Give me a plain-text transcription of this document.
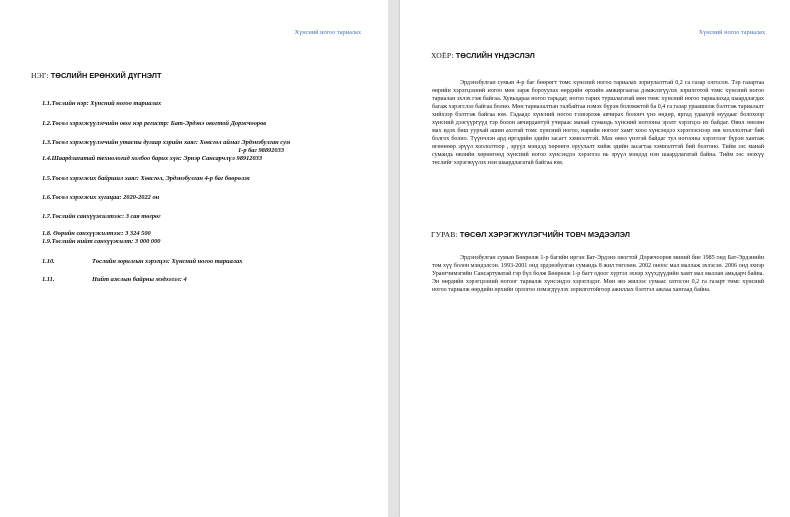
Хүнсний ногоо тариалах
НЭГ: ТӨСЛИЙН ЕРӨНХИЙ ДҮГНЭЛТ
1.1.Төслийн нэр: Хүнсний ногоо тариалах
1.2.Төсөл хэрэгжүүлэгчийн овог нэр регистр: Бат-Эрдэнэ овогтой Доржчоорөв
1.3.Төсөл хэрэгжүүлэгчийн утасны дугаар хэрийн хаяг: Хөвсгөл аймаг Эрдэнэбулган сум
1-р баг 98892033
1.4.Шаардлагатай технологид холбоо барих хүн: Эрнэр Сансарчлүл 98912033
1.5.Төсөл хэрэгжих байршил хаяг: Хөвсгөл, Эрдэнэбулган 4-р баг бөөрөлж
1.6.Төсөл хэрэгжих хугацаа: 2020-2022 он
1.7.Төслийн санхүүжилтээс: 3 сая төгрөг
1.8. Өөрийн санхүүжилтээс: 3 324 500
1.9.Төслийн нийт санхүүжилт: 3 000 000
1.10.	Төслийн зорилгын хэрэгцээ: Хүнсний ногоо тариалах
1.11.	Нийт ажлын байрны мэдээлэл: 4
Хүнсний ногоо тариалах
ХОЁР: ТӨСЛИЙН ҮНДЭСЛЭЛ
Эрдэнэбулган сумын 4-р баг бөөрөгт томс хүнсний ногоо тариалах зориулалттай 0,2 га газар олгосон. Тэр газартаа өөрийн хэрэгцээний ногоо мөн зарж борлуулах өөрдийн өрхийн амжиргаагаа дэмжлэгүүлэх зорилготой томс хүнсний ногоо тариалан эхлэх гэж байгаа. Хувьцараа ногоо тарьдаг, ногоо тарих туршлагатай мөн төмс хүнсний ногоо тариалахад шаардлагдах багаж хэрэгслэл байгаа болно. Мөн тариалалтын талбайтаа нэмэх бүрэн боломжтой ба 0,4 га газар ураашилж бэлтгэж тариалалт хийхээр бэлтгэж байгаа юм. Гадаадс хүнсний ногоо тээвэрлэж авчирах болонч үнэ өндөр, яргад удаахуй муудааг болохоор хүнсний дээгүүргүүд тэр болон авчирдантуй учираас манай сумандь хүнсний ногооны эрэлт хэрэгцээ их байдаг. Өвөл зөөлөн мах идэх биш уурхай ашин ахлтай томс хүнсний ногоо, нарийн ногоог хамт хоол хүнсэндээ хэрэглэснээр зөв хооллолтыг бий болгох болно. Түүнчлэн ард иргэдийн эдийн засагт хэмнэлттэй. Мах өвөл үнэтэй байдаг тул ногооны хэрэглээг бүрэн хангаж өгөөнөөр эрүүл хоололтоор , эрүүл мэндэд хөрөнгө оруулалт хийж эдийн засагтаа хэмнэлттэй бий болгоно. Тийм ээс манай сумандь өвлийн хөрөнгөөд хүнсний ногоо хүнсэндээ хэрэглээ нь эрүүл мэндэд нэн шаардлагатай байна. Тийм ээс энэхүү төслийг хэрэгжүүлэх нэн шаардлагатай байгаа юм.
ГУРАВ: ТӨСӨЛ ХЭРЭГЖҮҮЛЭГЧИЙН ТОВЧ МЭДЭЭЛЭЛ
Эрдэнэбулган сумын Бөөрөлж 1-р багийн иргэн Бат-Эрдэнэ овогтой Доржчоорөв миний бие 1985 онд Бат-Эрдэнийн том хүү болон мэндэлсэн. 1993-2001 онд эрдэнэбулган сумандь 8 жил төгсөөн. 2002 оноос мал маллаж эхлэсэн. 2006 онд эхнэр Урангчимэгийн Сансартуяатай гэр бүл болж Бөөрөлж 1-р багт одоог хүртэл эхнэр хүүхдүүдийн хамт мал маллан амьдарч байна. Эн өөрдийн хэрэгцээний ногоог тариалж хүнсэндээ хэрэглэдэг. Мөн эвэ жилээс сумаас олгосон 0,2 га газарт төмс хүнсний ногоо тариалж өөрдийн өрхийн орлогоо нэмэгдүүлэх зорилготойгоор ажиллах бэлтгэл ажлаа хангаад байна.
